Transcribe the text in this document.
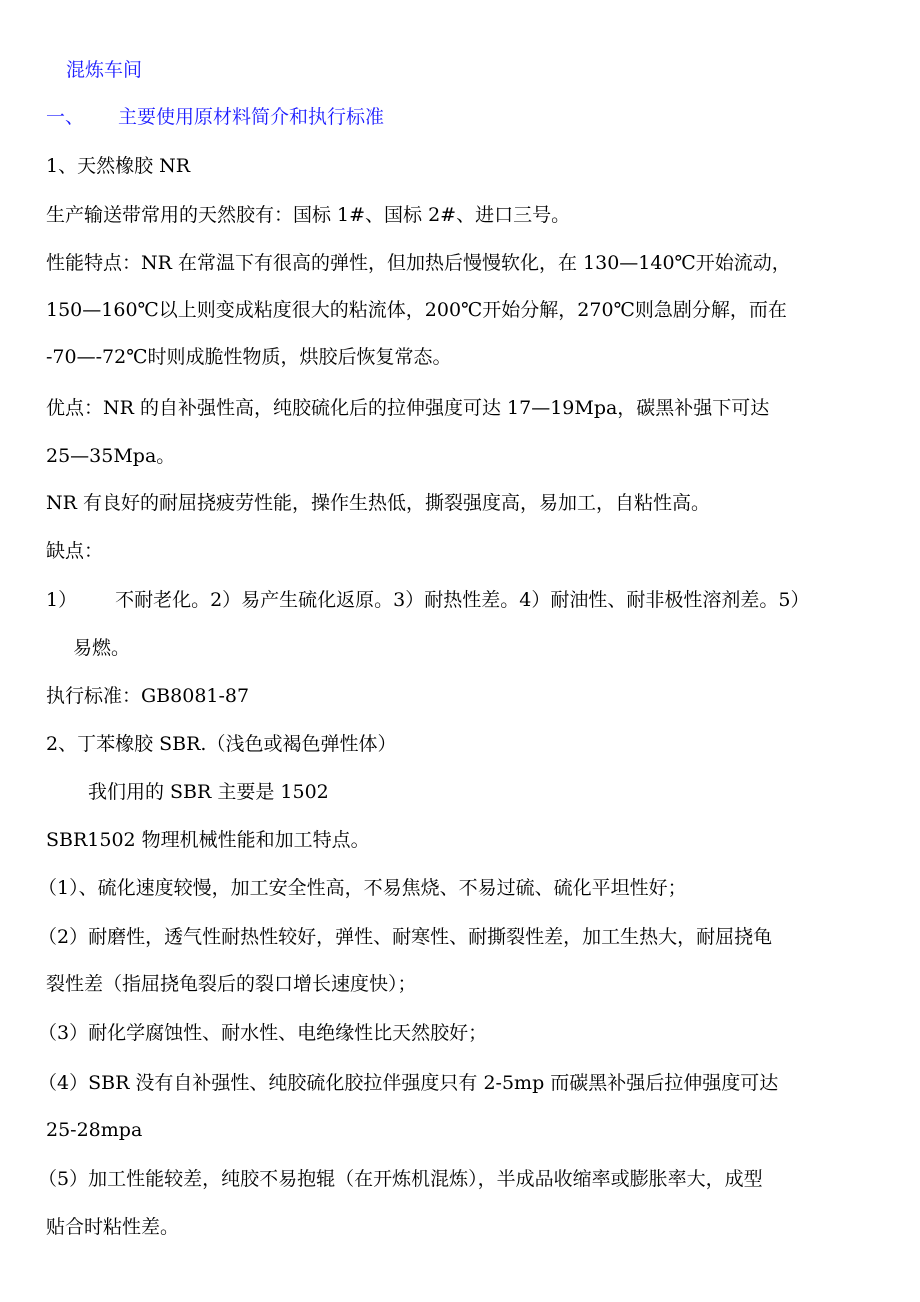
混炼车间
一、 主要使用原材料简介和执行标准
1、天然橡胶 NR
生产输送带常用的天然胶有：国标 1#、国标 2#、进口三号。
性能特点：NR 在常温下有很高的弹性，但加热后慢慢软化，在 130—140℃开始流动，
150—160℃以上则变成粘度很大的粘流体，200℃开始分解，270℃则急剧分解，而在
-70—-72℃时则成脆性物质，烘胶后恢复常态。
优点：NR 的自补强性高，纯胶硫化后的拉伸强度可达 17—19Mpa，碳黑补强下可达
25—35Mpa。
NR 有良好的耐屈挠疲劳性能，操作生热低，撕裂强度高，易加工，自粘性高。
缺点：
1） 不耐老化。2）易产生硫化返原。3）耐热性差。4）耐油性、耐非极性溶剂差。5）
易燃。
执行标准：GB8081-87
2、丁苯橡胶 SBR.（浅色或褐色弹性体）
我们用的 SBR 主要是 1502
SBR1502 物理机械性能和加工特点。
（1）、硫化速度较慢，加工安全性高，不易焦烧、不易过硫、硫化平坦性好；
（2）耐磨性，透气性耐热性较好，弹性、耐寒性、耐撕裂性差，加工生热大，耐屈挠龟
裂性差（指屈挠龟裂后的裂口增长速度快）；
（3）耐化学腐蚀性、耐水性、电绝缘性比天然胶好；
（4）SBR 没有自补强性、纯胶硫化胶拉伴强度只有 2-5mp 而碳黑补强后拉伸强度可达
25-28mpa
（5）加工性能较差，纯胶不易抱辊（在开炼机混炼），半成品收缩率或膨胀率大，成型
贴合时粘性差。
